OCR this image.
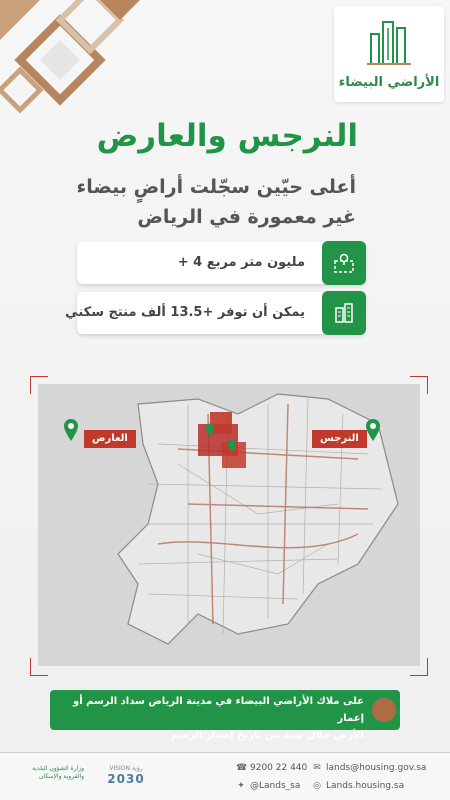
الأراضي البيضاء
النرجس والعارض
أعلى حيّين سجّلت أراضٍ بيضاء
غير معمورة في الرياض
+ 4 مليون متر مربع
يمكن أن توفر +13.5 ألف منتج سكني
العارض	النرجس
على ملاك الأراضي البيضاء في مدينة الرياض سداد الرسم أو إعمار
الأرض خلال سنة من تاريخ إصدار الرسم
وزارة الشؤون البلدية والقروية والإسكان
VISION رؤية
2030
☎ 9200 22 440 ✉ lands@housing.gov.sa
✦ @Lands_sa ◎ Lands.housing.sa
